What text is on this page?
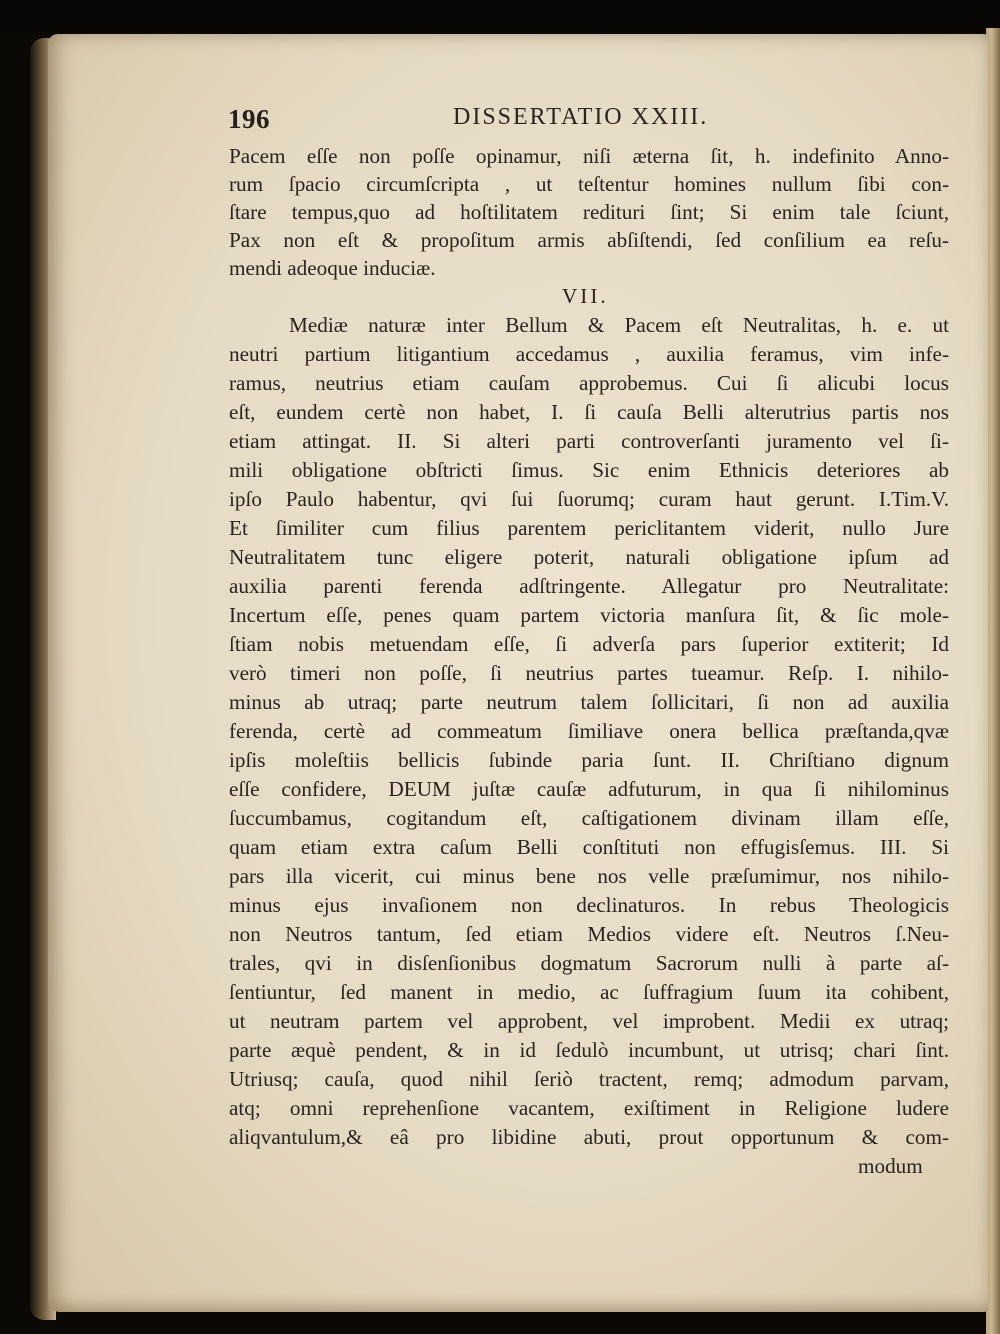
196	DISSERTATIO XXIII.
Pacem eſſe non poſſe opinamur, niſi æterna ſit, h. indefinito Anno-
rum ſpacio circumſcripta , ut teſtentur homines nullum ſibi con-
ſtare tempus,quo ad hoſtilitatem redituri ſint; Si enim tale ſciunt,
Pax non eſt & propoſitum armis abſiſtendi, ſed conſilium ea reſu-
mendi adeoque induciæ.
VII.
Mediæ naturæ inter Bellum & Pacem eſt Neutralitas, h. e. ut
neutri partium litigantium accedamus , auxilia feramus, vim infe-
ramus, neutrius etiam cauſam approbemus. Cui ſi alicubi locus
eſt, eundem certè non habet, I. ſi cauſa Belli alterutrius partis nos
etiam attingat. II. Si alteri parti controverſanti juramento vel ſi-
mili obligatione obſtricti ſimus. Sic enim Ethnicis deteriores ab
ipſo Paulo habentur, qvi ſui ſuorumq; curam haut gerunt. I.Tim.V.
Et ſimiliter cum filius parentem periclitantem viderit, nullo Jure
Neutralitatem tunc eligere poterit, naturali obligatione ipſum ad
auxilia parenti ferenda adſtringente. Allegatur pro Neutralitate:
Incertum eſſe, penes quam partem victoria manſura ſit, & ſic mole-
ſtiam nobis metuendam eſſe, ſi adverſa pars ſuperior extiterit; Id
verò timeri non poſſe, ſi neutrius partes tueamur. Reſp. I. nihilo-
minus ab utraq; parte neutrum talem ſollicitari, ſi non ad auxilia
ferenda, certè ad commeatum ſimiliave onera bellica præſtanda,qvæ
ipſis moleſtiis bellicis ſubinde paria ſunt. II. Chriſtiano dignum
eſſe confidere, DEUM juſtæ cauſæ adfuturum, in qua ſi nihilominus
ſuccumbamus, cogitandum eſt, caſtigationem divinam illam eſſe,
quam etiam extra caſum Belli conſtituti non effugisſemus. III. Si
pars illa vicerit, cui minus bene nos velle præſumimur, nos nihilo-
minus ejus invaſionem non declinaturos. In rebus Theologicis
non Neutros tantum, ſed etiam Medios videre eſt. Neutros ſ.Neu-
trales, qvi in disſenſionibus dogmatum Sacrorum nulli à parte aſ-
ſentiuntur, ſed manent in medio, ac ſuffragium ſuum ita cohibent,
ut neutram partem vel approbent, vel improbent. Medii ex utraq;
parte æquè pendent, & in id ſedulò incumbunt, ut utrisq; chari ſint.
Utriusq; cauſa, quod nihil ſeriò tractent, remq; admodum parvam,
atq; omni reprehenſione vacantem, exiſtiment in Religione ludere
aliqvantulum,& eâ pro libidine abuti, prout opportunum & com-
modum
